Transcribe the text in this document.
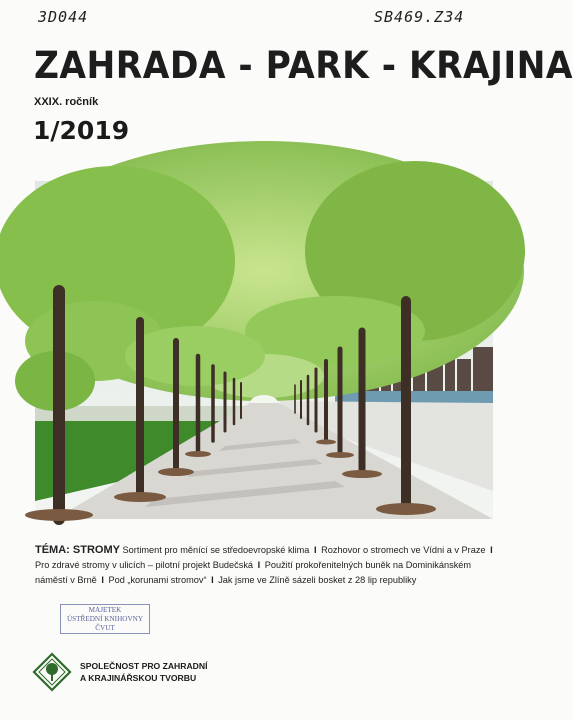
3D044	SB469.Z34
ZAHRADA - PARK - KRAJINA
XXIX. ročník
1/2019
TÉMA: STROMY Sortiment pro měnící se středoevropské klima I Rozhovor o stromech ve Vídni a v Praze I Pro zdravé stromy v ulicích – pilotní projekt Budečská I Použití prokořenitelných buněk na Dominikánském náměstí v Brně I Pod „korunami stromov“ I Jak jsme ve Zlíně sázeli bosket z 28 lip republiky
MAJETEK
ÚSTŘEDNÍ KNIHOVNY
ČVUT
SPOLEČNOST PRO ZAHRADNÍ
A KRAJINÁŘSKOU TVORBU
